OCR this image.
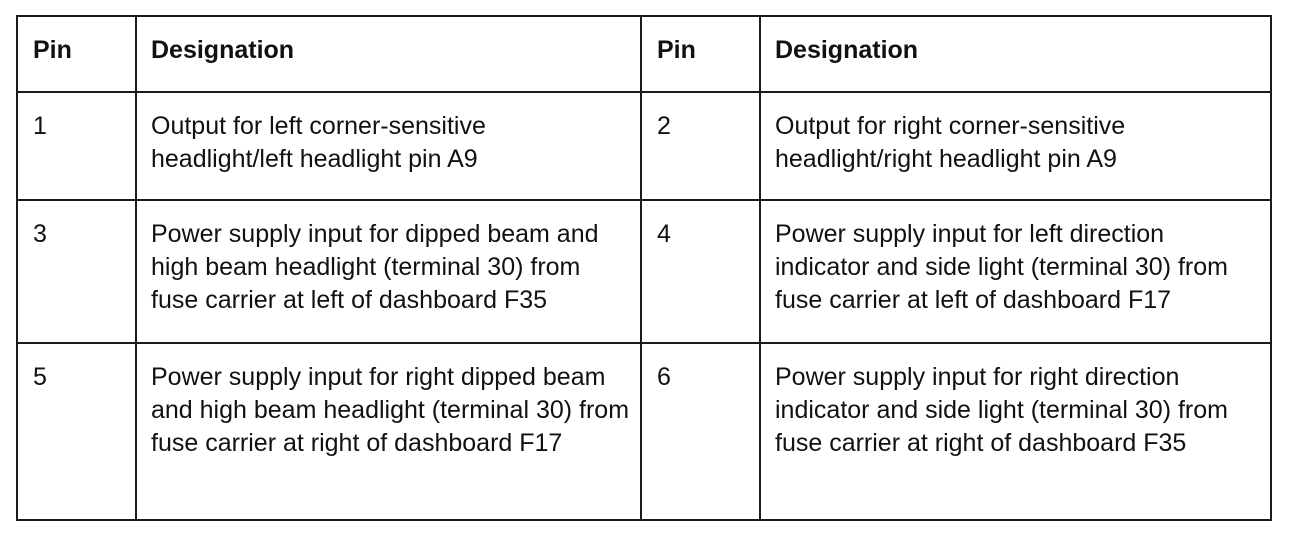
Pin	Designation	Pin	Designation
1	Output for left corner-sensitive headlight/left headlight pin A9	2	Output for right corner-sensitive headlight/right headlight pin A9
3	Power supply input for dipped beam and high beam headlight (terminal 30) from fuse carrier at left of dashboard F35	4	Power supply input for left direction indicator and side light (terminal 30) from fuse carrier at left of dashboard F17
5	Power supply input for right dipped beam and high beam headlight (terminal 30) from fuse carrier at right of dashboard F17	6	Power supply input for right direction indicator and side light (terminal 30) from fuse carrier at right of dashboard F35
